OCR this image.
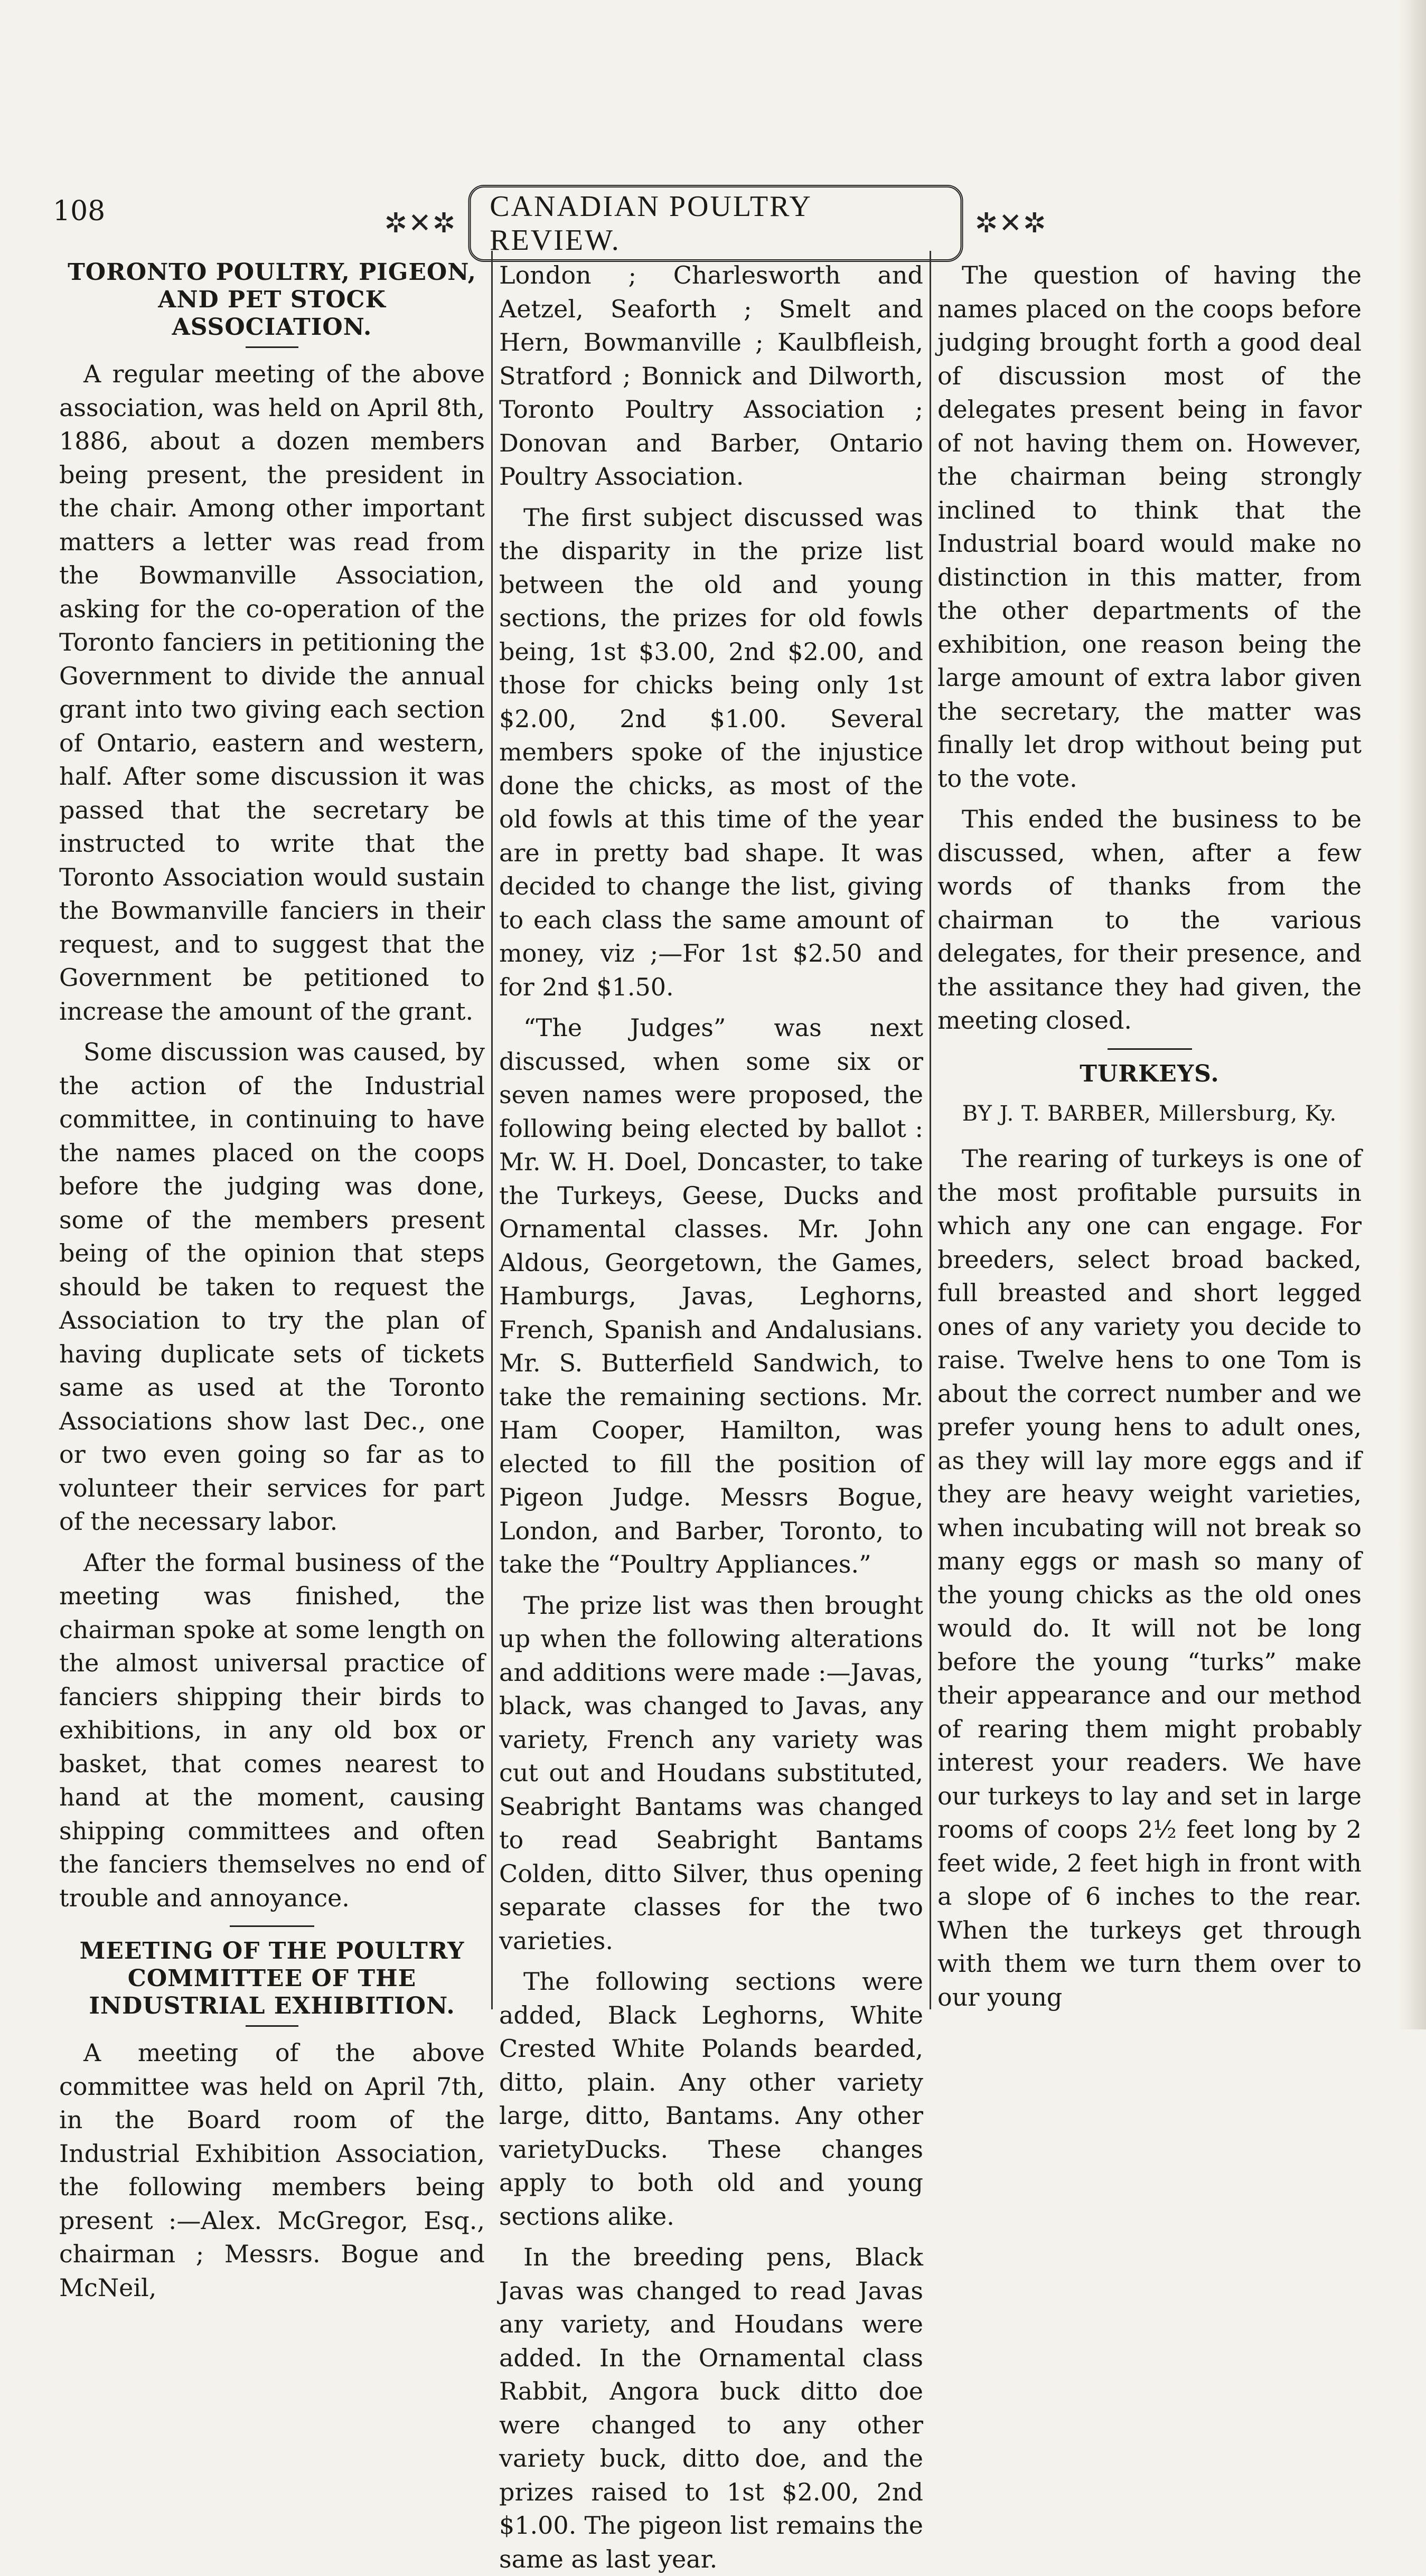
108	✲✕✲
CANADIAN POULTRY REVIEW.
✲✕✲
TORONTO POULTRY, PIGEON, AND PET STOCK ASSOCIATION.

A regular meeting of the above association, was held on April 8th, 1886, about a dozen members being present, the president in the chair. Among other important matters a letter was read from the Bowmanville Association, asking for the co-operation of the Toronto fanciers in petitioning the Government to divide the annual grant into two giving each section of Ontario, eastern and western, half. After some discussion it was passed that the secretary be instructed to write that the Toronto Association would sustain the Bowmanville fanciers in their request, and to suggest that the Government be petitioned to increase the amount of the grant.

Some discussion was caused, by the action of the Industrial committee, in continuing to have the names placed on the coops before the judging was done, some of the members present being of the opinion that steps should be taken to request the Association to try the plan of having duplicate sets of tickets same as used at the Toronto Associations show last Dec., one or two even going so far as to volunteer their services for part of the necessary labor.

After the formal business of the meeting was finished, the chairman spoke at some length on the almost universal practice of fanciers shipping their birds to exhibitions, in any old box or basket, that comes nearest to hand at the moment, causing shipping committees and often the fanciers themselves no end of trouble and annoyance.

MEETING OF THE POULTRY COMMITTEE OF THE INDUSTRIAL EXHIBITION.

A meeting of the above committee was held on April 7th, in the Board room of the Industrial Exhibition Association, the following members being present :—Alex. McGregor, Esq., chairman ; Messrs. Bogue and McNeil,

London ; Charlesworth and Aetzel, Seaforth ; Smelt and Hern, Bowmanville ; Kaulbfleish, Stratford ; Bonnick and Dilworth, Toronto Poultry Association ; Donovan and Barber, Ontario Poultry Association.

The first subject discussed was the disparity in the prize list between the old and young sections, the prizes for old fowls being, 1st $3.00, 2nd $2.00, and those for chicks being only 1st $2.00, 2nd $1.00. Several members spoke of the injustice done the chicks, as most of the old fowls at this time of the year are in pretty bad shape. It was decided to change the list, giving to each class the same amount of money, viz ;—For 1st $2.50 and for 2nd $1.50.

“The Judges” was next discussed, when some six or seven names were proposed, the following being elected by ballot : Mr. W. H. Doel, Doncaster, to take the Turkeys, Geese, Ducks and Ornamental classes. Mr. John Aldous, Georgetown, the Games, Hamburgs, Javas, Leghorns, French, Spanish and Andalusians. Mr. S. Butterfield Sandwich, to take the remaining sections. Mr. Ham Cooper, Hamilton, was elected to fill the position of Pigeon Judge. Messrs Bogue, London, and Barber, Toronto, to take the “Poultry Appliances.”

The prize list was then brought up when the following alterations and additions were made :—Javas, black, was changed to Javas, any variety, French any variety was cut out and Houdans substituted, Seabright Bantams was changed to read Seabright Bantams Colden, ditto Silver, thus opening separate classes for the two varieties.

The following sections were added, Black Leghorns, White Crested White Polands bearded, ditto, plain. Any other variety large, ditto, Bantams. Any other varietyDucks. These changes apply to both old and young sections alike.

In the breeding pens, Black Javas was changed to read Javas any variety, and Houdans were added. In the Ornamental class Rabbit, Angora buck ditto doe were changed to any other variety buck, ditto doe, and the prizes raised to 1st $2.00, 2nd $1.00. The pigeon list remains the same as last year.

The question of having the names placed on the coops before judging brought forth a good deal of discussion most of the delegates present being in favor of not having them on. However, the chairman being strongly inclined to think that the Industrial board would make no distinction in this matter, from the other departments of the exhibition, one reason being the large amount of extra labor given the secretary, the matter was finally let drop without being put to the vote.

This ended the business to be discussed, when, after a few words of thanks from the chairman to the various delegates, for their presence, and the assitance they had given, the meeting closed.

TURKEYS.
BY J. T. BARBER, Millersburg, Ky.

The rearing of turkeys is one of the most profitable pursuits in which any one can engage. For breeders, select broad backed, full breasted and short legged ones of any variety you decide to raise. Twelve hens to one Tom is about the correct number and we prefer young hens to adult ones, as they will lay more eggs and if they are heavy weight varieties, when incubating will not break so many eggs or mash so many of the young chicks as the old ones would do. It will not be long before the young “turks” make their appearance and our method of rearing them might probably interest your readers. We have our turkeys to lay and set in large rooms of coops 2½ feet long by 2 feet wide, 2 feet high in front with a slope of 6 inches to the rear. When the turkeys get through with them we turn them over to our young
